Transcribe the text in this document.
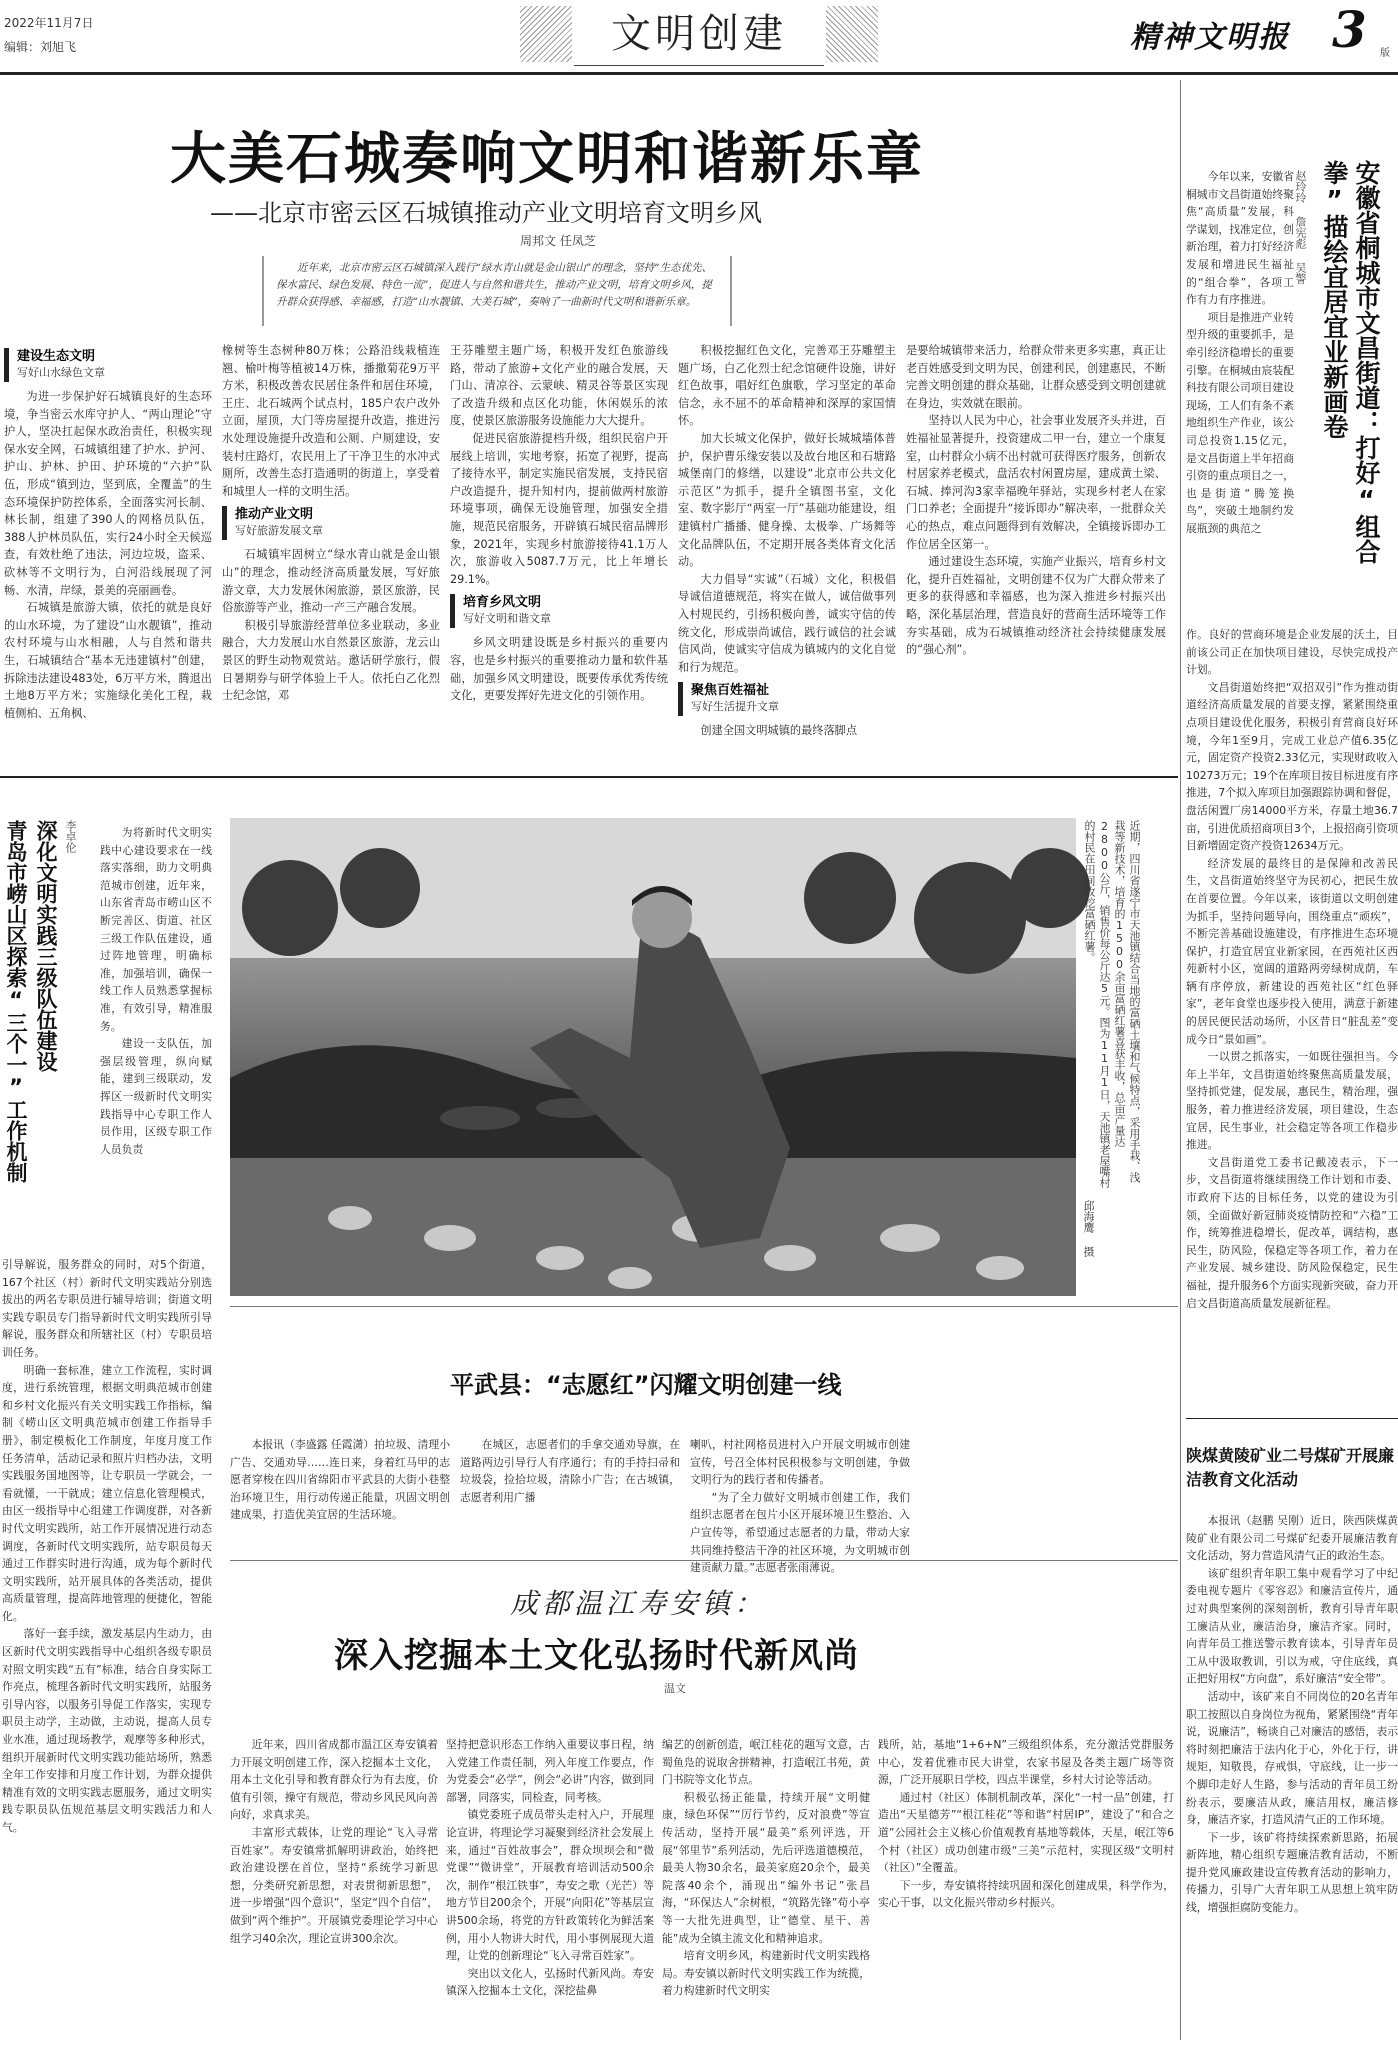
2022年11月7日
编辑：刘旭飞	文明创建	精神文明报 3 版
大美石城奏响文明和谐新乐章
——北京市密云区石城镇推动产业文明培育文明乡风
周邦文 任凤芝
近年来，北京市密云区石城镇深入践行“绿水青山就是金山银山”的理念，坚持“生态优先、保水富民、绿色发展、特色一流”，促进人与自然和谐共生，推动产业文明，培育文明乡风，提升群众获得感、幸福感，打造“山水靓镇、大美石城”，奏响了一曲新时代文明和谐新乐章。
建设生态文明
写好山水绿色文章

为进一步保护好石城镇良好的生态环境，争当密云水库守护人、“两山理论”守护人，坚决扛起保水政治责任，积极实现保水安全网，石城镇组建了护水、护河、护山、护林、护田、护环境的“六护”队伍，形成“镇到边，坚到底，全覆盖”的生态环境保护防控体系，全面落实河长制、林长制，组建了390人的网格员队伍，388人护林员队伍，实行24小时全天候巡查，有效杜绝了违法，河边垃圾，盗采、砍林等不文明行为，白河沿线展现了河畅、水清，岸绿，景美的亮丽画卷。

石城镇是旅游大镇，依托的就是良好的山水环境，为了建设“山水靓镇”，推动农村环境与山水相融，人与自然和谐共生，石城镇结合“基本无违建镇村”创建，拆除违法建设483处，6万平方米，腾退出土地8万平方米；实施绿化美化工程，栽植侧柏、五角枫、

橡树等生态树种80万株；公路沿线栽植连翘、榆叶梅等植被14万株，播撒菊花9万平方米，积极改善农民居住条件和居住环境，王庄、北石城两个试点村，185户农户改外立面，屋顶，大门等房屋提升改造，推进污水处理设施提升改造和公厕、户厕建设，安装村庄路灯，农民用上了干净卫生的水冲式厕所，改善生态打造通明的街道上，享受着和城里人一样的文明生活。

推动产业文明
写好旅游发展文章

石城镇牢固树立“绿水青山就是金山银山”的理念，推动经济高质量发展，写好旅游文章，大力发展休闲旅游，景区旅游，民俗旅游等产业，推动一产三产融合发展。

积极引导旅游经营单位多业联动，多业融合，大力发展山水自然景区旅游，龙云山景区的野生动物观赏站。邀话研学旅行，假日暑期券与研学体验上千人。依托白乙化烈士纪念馆，邓

王芬雕塑主题广场，积极开发红色旅游线路，带动了旅游+文化产业的融合发展，天门山、清凉谷、云蒙峡、精灵谷等景区实现了改造升级和点区化功能，休闲娱乐的浓度，使景区旅游服务设施能力大大提升。

促进民宿旅游提档升级，组织民宿户开展线上培训，实地考察，拓宽了视野，提高了接待水平，制定实施民宿发展，支持民宿户改造提升，提升知村内，提前做两村旅游环境事项，确保无设施管理，加强安全措施，规范民宿服务，开辟镇石城民宿品牌形象，2021年，实现乡村旅游接待41.1万人次，旅游收入5087.7万元，比上年增长29.1%。

培育乡风文明
写好文明和谐文章

乡风文明建设既是乡村振兴的重要内容，也是乡村振兴的重要推动力量和软件基础，加强乡风文明建设，既要传承优秀传统文化，更要发挥好先进文化的引领作用。

积极挖掘红色文化，完善邓王芬雕塑主题广场，白乙化烈士纪念馆硬件设施，讲好红色故事，唱好红色旗歌，学习坚定的革命信念，永不屈不的革命精神和深厚的家国情怀。

加大长城文化保护，做好长城城墙体普护，保护曹乐缘安装以及故台地区和石塘路城堡南门的修缮，以建设“北京市公共文化示范区”为抓手，提升全镇图书室，文化室、数字影厅“两室一厅”基础功能建设，组建镇村广播播、健身操、太极拳、广场舞等文化品牌队伍，不定期开展各类体育文化活动。

大力倡导“实诚”（石城）文化，积极倡导诚信道德规范，将实在做人，诚信做事列入村规民约，引扬积极向善，诚实守信的传统文化，形成崇尚诚信，践行诚信的社会诚信风尚，使诚实守信成为镇城内的文化自觉和行为规范。

聚焦百姓福祉
写好生活提升文章

创建全国文明城镇的最终落脚点

是要给城镇带来活力，给群众带来更多实惠，真正让老百姓感受到文明为民，创建利民，创建惠民，不断完善文明创建的群众基础，让群众感受到文明创建就在身边，实效就在眼前。

坚持以人民为中心，社会事业发展齐头并进，百姓福祉显著提升，投资建成二甲一台，建立一个康复室，山村群众小病不出村就可获得医疗服务，创新农村居家养老模式，盘活农村闲置房屋，建成黄土梁、石城、捧河沟3家幸福晚年驿站，实现乡村老人在家门口养老；全面提升“接诉即办”解决率，一批群众关心的热点，难点问题得到有效解决，全镇接诉即办工作位居全区第一。

通过建设生态环境，实施产业振兴，培育乡村文化，提升百姓福祉，文明创建不仅为广大群众带来了更多的获得感和幸福感，也为深入推进乡村振兴出略，深化基层治理，营造良好的营商生活环境等工作夯实基础，成为石城镇推动经济社会持续健康发展的“强心剂”。

安徽省桐城市文昌街道：打好“组合拳”描绘宜居宜业新画卷
赵玲玲 詹宪彪 吴警

今年以来，安徽省桐城市文昌街道始终聚焦“高质量”发展，科学谋划，找准定位，创新治理，着力打好经济发展和增进民生福祉的“组合拳”，各项工作有力有序推进。

项目是推进产业转型升级的重要抓手，是牵引经济稳增长的重要引擎。在桐城由宸装配科技有限公司项目建设现场，工人们有条不紊地组织生产作业，该公司总投资1.15亿元，是文昌街道上半年招商引资的重点项目之一，也是街道“腾笼换鸟”，突破土地制约发展瓶颈的典范之

作。良好的营商环境是企业发展的沃土，目前该公司正在加快项目建设，尽快完成投产计划。

文昌街道始终把“双招双引”作为推动街道经济高质量发展的首要支撑，紧紧围绕重点项目建设优化服务，积极引育营商良好环境，今年1至9月，完成工业总产值6.35亿元，固定资产投资2.33亿元，实现财政收入10273万元；19个在库项目按目标进度有序推进，7个拟入库项目加强跟踪协调和督促，盘活闲置厂房14000平方米，存量土地36.7亩，引进优质招商项目3个，上报招商引资项目新增固定资产投资12634万元。

经济发展的最终目的是保障和改善民生，文昌街道始终坚守为民初心，把民生放在首要位置。今年以来，该街道以文明创建为抓手，坚持问题导向，围绕重点“顽疾”，不断完善基础设施建设，有序推进生态环境保护，打造宜居宜业新家园，在西苑社区西苑新村小区，宽阔的道路两旁绿树成荫，车辆有序停放，新建设的西苑社区“红色驿家”，老年食堂也逐步投入使用，满意于新建的居民便民活动场所，小区昔日“脏乱差”变成今日“景如画”。

一以贯之抓落实，一如既往强担当。今年上半年，文昌街道始终聚焦高质量发展，坚持抓党建，促发展，惠民生，精治理，强服务，着力推进经济发展，项目建设，生态宜居，民生事业，社会稳定等各项工作稳步推进。

文昌街道党工委书记戴凌表示，下一步，文昌街道将继续围绕工作计划和市委、市政府下达的目标任务，以党的建设为引领，全面做好新冠肺炎疫情防控和“六稳”工作，统筹推进稳增长，促改革，调结构，惠民生，防风险，保稳定等各项工作，着力在产业发展、城乡建设、防风险保稳定，民生福祉，提升服务6个方面实现新突破，奋力开启文昌街道高质量发展新征程。

陕煤黄陵矿业二号煤矿开展廉洁教育文化活动

本报讯（赵鹏 吴刚）近日，陕西陕煤黄陵矿业有限公司二号煤矿纪委开展廉洁教育文化活动，努力营造风清气正的政治生态。

该矿组织青年职工集中观看学习了中纪委电视专题片《零容忍》和廉洁宣传片，通过对典型案例的深刻剖析，教育引导青年职工廉洁从业，廉洁治身，廉洁齐家。同时，向青年员工推送警示教育读本，引导青年员工从中汲取教训，引以为戒，守住底线，真正把好用权“方向盘”，系好廉洁“安全带”。

活动中，该矿来自不同岗位的20名青年职工按照以自身岗位为视角，紧紧围绕“青年说，说廉洁”，畅谈自己对廉洁的感悟，表示将时刻把廉洁于法内化于心，外化于行，讲规矩，知敬畏，存戒惧，守底线，让一步一个脚印走好人生路，参与活动的青年员工纷纷表示，要廉洁从政，廉洁用权，廉洁修身，廉洁齐家，打造风清气正的工作环境。

下一步，该矿将持续探索新思路，拓展新阵地，精心组织专题廉洁教育活动，不断提升党风廉政建设宣传教育活动的影响力，传播力，引导广大青年职工从思想上筑牢防线，增强拒腐防变能力。

青岛市崂山区探索“三个一”工作机制 深化文明实践三级队伍建设 李卓伦	为将新时代文明实践中心建设要求在一线落实落细，助力文明典范城市创建，近年来，山东省青岛市崂山区不断完善区、街道、社区三级工作队伍建设，通过阵地管理，明确标准，加强培训，确保一线工作人员熟悉掌握标准，有效引导，精准服务。

建设一支队伍，加强层级管理，纵向赋能，建到三级联动，发挥区一级新时代文明实践指导中心专职工作人员作用，区级专职工作人员负责

引导解说，服务群众的同时，对5个街道，167个社区（村）新时代文明实践站分别选拔出的两名专职员进行辅导培训；街道文明实践专职员专门指导新时代文明实践所引导解说，服务群众和所辖社区（村）专职员培训任务。

明确一套标准，建立工作流程，实时调度，进行系统管理，根据文明典范城市创建和乡村文化振兴有关文明实践工作指标，编制《崂山区文明典范城市创建工作指导手册》，制定模板化工作制度，年度月度工作任务清单，活动记录和照片归档办法，文明实践服务国地图等，让专职员一学就会，一看就懂，一干就成；建立信息化管理模式，由区一级指导中心组建工作调度群，对各新时代文明实践所，站工作开展情况进行动态调度，各新时代文明实践所，站专职员每天通过工作群实时进行沟通，成为每个新时代文明实践所，站开展具体的各类活动，提供高质量管理，提高阵地管理的便捷化，智能化。

落好一套手续，激发基层内生动力，由区新时代文明实践指导中心组织各级专职员对照文明实践“五有”标准，结合自身实际工作亮点，梳理各新时代文明实践所，站服务引导内容，以服务引导促工作落实，实现专职员主动学，主动做，主动说，提高人员专业水准，通过现场教学，观摩等多种形式，组织开展新时代文明实践功能站场所，熟悉全年工作安排和月度工作计划，为群众提供精准有效的文明实践志愿服务，通过文明实践专职员队伍规范基层文明实践活力和人气。

近期，四川省遂宁市天池镇结合当地的富硒土壤和气候特点，采用手栽、浅栽等新技术，培育的1500余亩富硒红薯喜获丰收，总亩产量达2800公斤，销售价每公斤达5元。图为11月1日，天池镇老屋嘴村的村民在田间收挖富硒红薯。
邱海鹰 摄
平武县：“志愿红”闪耀文明创建一线

本报讯（李盛露 任霞潇）拍垃圾、清理小广告、交通劝导……连日来，身着红马甲的志愿者穿梭在四川省绵阳市平武县的大街小巷整治环境卫生，用行动传递正能量，巩固文明创建成果，打造优美宜居的生活环境。

在城区，志愿者们的手拿交通劝导旗，在道路两边引导行人有序通行；有的手持扫帚和垃圾袋，捡拾垃圾，清除小广告；在古城镇，志愿者利用广播

喇叭，村社网格员进村入户开展文明城市创建宣传，号召全体村民积极参与文明创建，争做文明行为的践行者和传播者。

“为了全力做好文明城市创建工作，我们组织志愿者在包片小区开展环境卫生整治、入户宣传等，希望通过志愿者的力量，带动大家共同维持整洁干净的社区环境，为文明城市创建贡献力量。”志愿者张雨薄说。

成都温江寿安镇：
深入挖掘本土文化弘扬时代新风尚
温文

近年来，四川省成都市温江区寿安镇着力开展文明创建工作，深入挖掘本土文化，用本土文化引导和教育群众行为有去度，价值有引领，操守有规范，带动乡风民风向善向好，求真求美。

丰富形式载体，让党的理论“飞入寻常百姓家”。寿安镇常抓解明讲政治，始终把政治建设摆在首位，坚持“系统学习新思想，分类研究新思想，对表贯彻新思想”，进一步增强“四个意识”，坚定“四个自信”，做到“两个维护”。开展镇党委理论学习中心组学习40余次，理论宣讲300余次。

坚持把意识形态工作纳入重要议事日程，纳入党建工作责任制，列入年度工作要点，作为党委会“必学”，例会“必讲”内容，做到同部署，同落实，同检查，同考核。

镇党委班子成员带头走村入户，开展理论宣讲，将理论学习凝聚到经济社会发展上来，通过“百姓故事会”，群众坝坝会和“微党课”“微讲堂”，开展教育培训活动500余次，制作“根江铁事”，寿安之歌（光芒）等地方节目200余个，开展“向阳花”等基层宣讲500余场，将党的方针政策转化为鲜活案例，用小人物讲大时代，用小事例展现大道理，让党的创新理论“飞入寻常百姓家”。

突出以文化人，弘扬时代新风尚。寿安镇深入挖掘本土文化，深挖盐鼻

编艺的创新创造，岷江桂花的题写文意，古蜀鱼凫的说取舍拼精神，打造岷江书苑，黄门书院等文化节点。

积极弘扬正能量，持续开展“文明健康，绿色环保”“厉行节约，反对浪费”等宣传活动，坚持开展“最美”系列评选，开展“邻里节”系列活动，先后评选道德模范，最美人物30余名，最美家庭20余个，最美院落40余个，涌现出“编外书记”张昌海，“环保达人”余树根，“筑路先锋”苟小亭等一大批先进典型，让“德堂、星干、善能”成为全镇主流文化和精神追求。

培育文明乡风，构建新时代文明实践格局。寿安镇以新时代文明实践工作为统揽，着力构建新时代文明实

践所，站，基地“1+6+N”三级组织体系，充分激活党群服务中心，发着优雅市民大讲堂，农家书屋及各类主题广场等资源，广泛开展职日学校，四点半课堂，乡村大讨论等活动。

通过村（社区）体制机制改革，深化“一村一品”创建，打造出“天星德芳”“根江桂花”等和谐“村居IP”，建设了“和合之道”公园社会主义核心价值观教育基地等载体，天星，岷江等6个村（社区）成功创建市级“三美”示范村，实现区级“文明村（社区）”全覆盖。

下一步，寿安镇将持续巩固和深化创建成果，科学作为，实心干事，以文化振兴带动乡村振兴。
